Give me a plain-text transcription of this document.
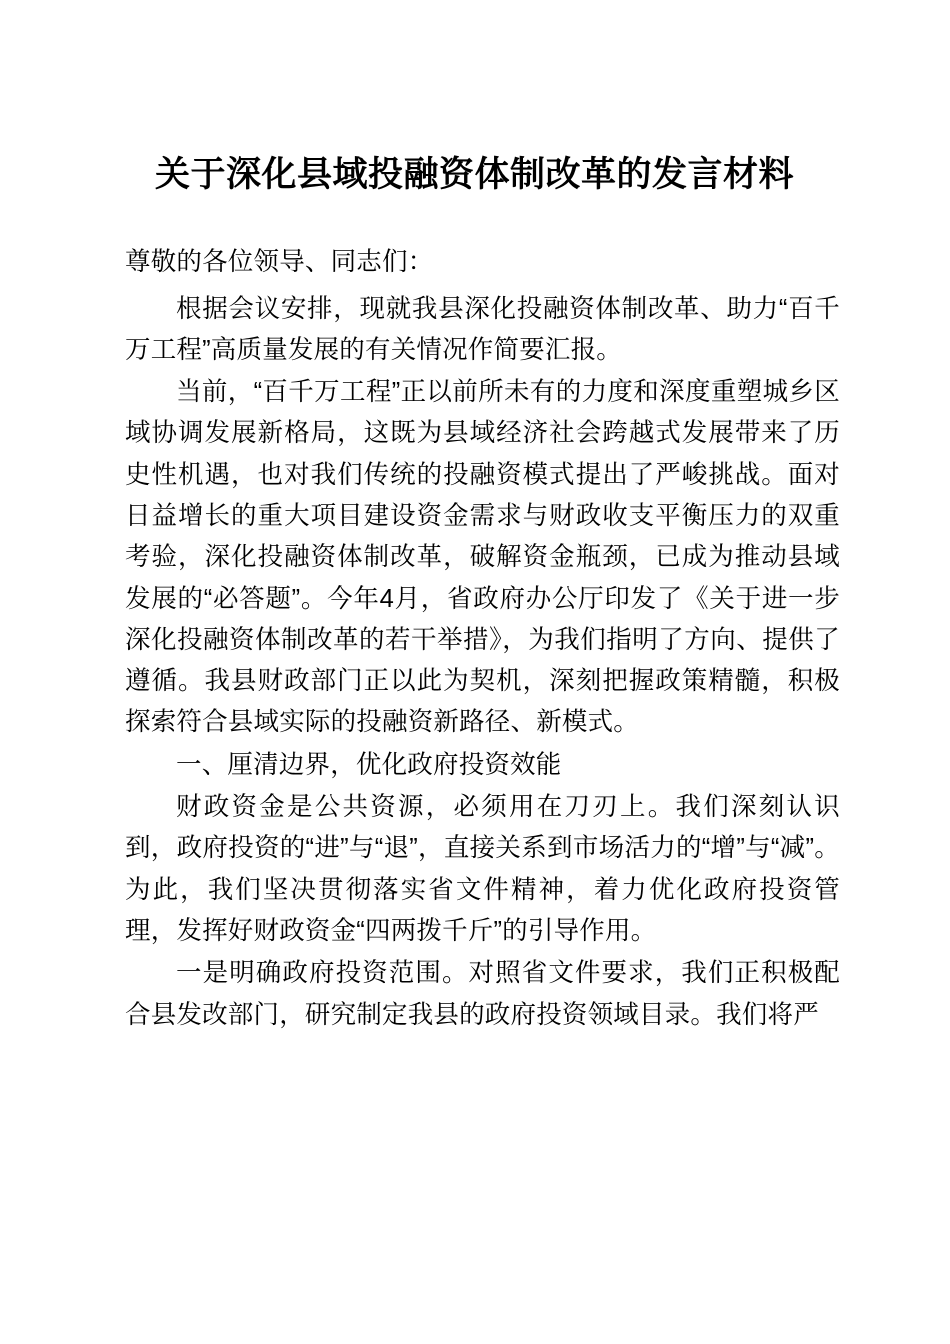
关于深化县域投融资体制改革的发言材料

尊敬的各位领导、同志们：

根据会议安排，现就我县深化投融资体制改革、助力“百千万工程”高质量发展的有关情况作简要汇报。

当前，“百千万工程”正以前所未有的力度和深度重塑城乡区域协调发展新格局，这既为县域经济社会跨越式发展带来了历史性机遇，也对我们传统的投融资模式提出了严峻挑战。面对日益增长的重大项目建设资金需求与财政收支平衡压力的双重考验，深化投融资体制改革，破解资金瓶颈，已成为推动县域发展的“必答题”。今年4月，省政府办公厅印发了《关于进一步深化投融资体制改革的若干举措》，为我们指明了方向、提供了遵循。我县财政部门正以此为契机，深刻把握政策精髓，积极探索符合县域实际的投融资新路径、新模式。

一、厘清边界，优化政府投资效能

财政资金是公共资源，必须用在刀刃上。我们深刻认识到，政府投资的“进”与“退”，直接关系到市场活力的“增”与“减”。为此，我们坚决贯彻落实省文件精神，着力优化政府投资管理，发挥好财政资金“四两拨千斤”的引导作用。

一是明确政府投资范围。对照省文件要求，我们正积极配合县发改部门，研究制定我县的政府投资领域目录。我们将严
